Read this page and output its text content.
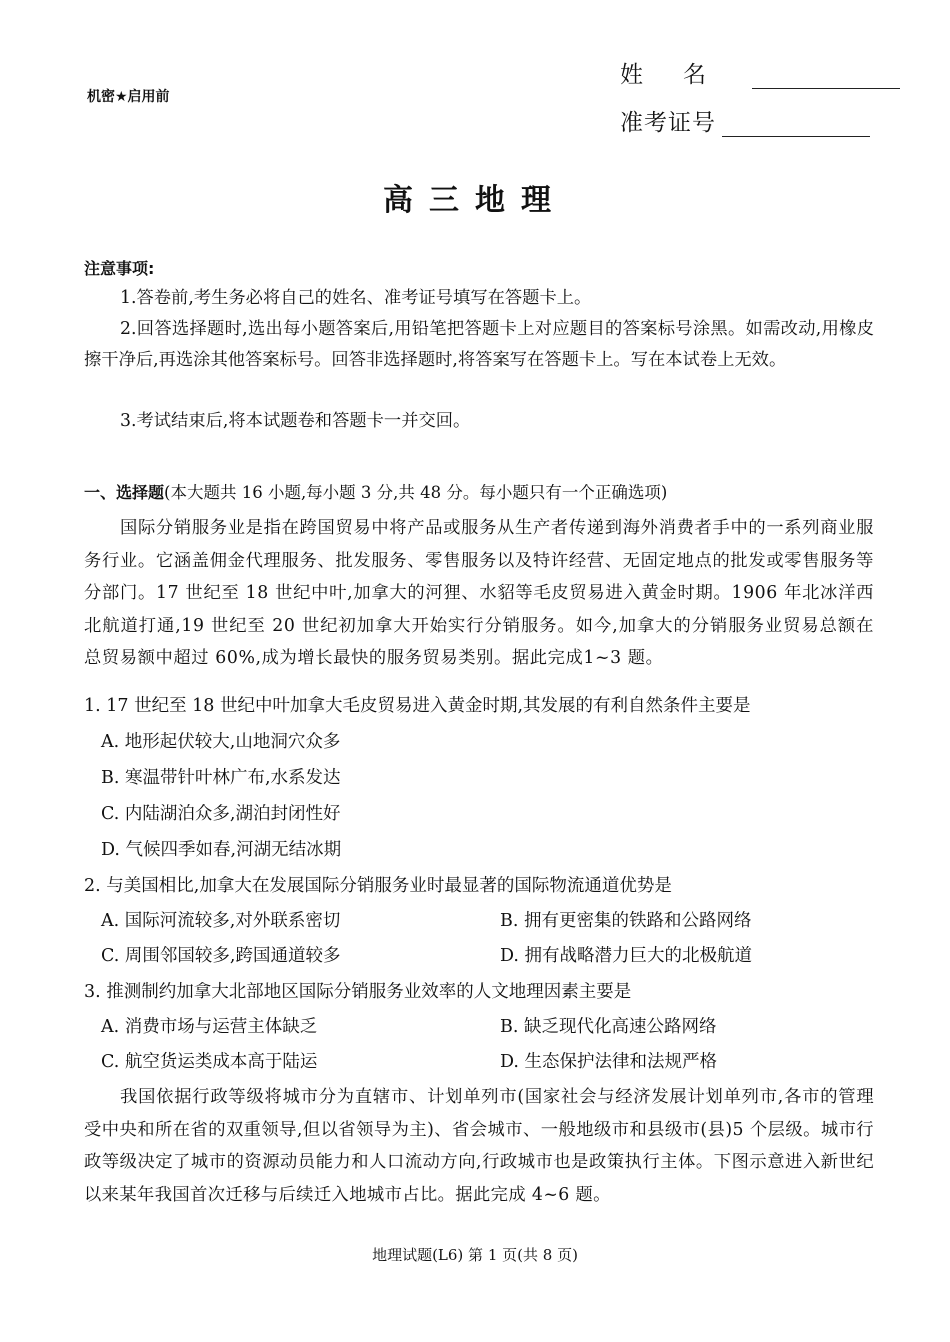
机密★启用前
姓名
准考证号
高三地理
注意事项:
1.答卷前,考生务必将自己的姓名、准考证号填写在答题卡上。
2.回答选择题时,选出每小题答案后,用铅笔把答题卡上对应题目的答案标号涂黑。如需改动,用橡皮擦干净后,再选涂其他答案标号。回答非选择题时,将答案写在答题卡上。写在本试卷上无效。
3.考试结束后,将本试题卷和答题卡一并交回。
一、选择题(本大题共 16 小题,每小题 3 分,共 48 分。每小题只有一个正确选项)
国际分销服务业是指在跨国贸易中将产品或服务从生产者传递到海外消费者手中的一系列商业服务行业。它涵盖佣金代理服务、批发服务、零售服务以及特许经营、无固定地点的批发或零售服务等分部门。17 世纪至 18 世纪中叶,加拿大的河狸、水貂等毛皮贸易进入黄金时期。1906 年北冰洋西北航道打通,19 世纪至 20 世纪初加拿大开始实行分销服务。如今,加拿大的分销服务业贸易总额在总贸易额中超过 60%,成为增长最快的服务贸易类别。据此完成1~3 题。
1. 17 世纪至 18 世纪中叶加拿大毛皮贸易进入黄金时期,其发展的有利自然条件主要是
A. 地形起伏较大,山地洞穴众多
B. 寒温带针叶林广布,水系发达
C. 内陆湖泊众多,湖泊封闭性好
D. 气候四季如春,河湖无结冰期
2. 与美国相比,加拿大在发展国际分销服务业时最显著的国际物流通道优势是
A. 国际河流较多,对外联系密切	B. 拥有更密集的铁路和公路网络
C. 周围邻国较多,跨国通道较多	D. 拥有战略潜力巨大的北极航道
3. 推测制约加拿大北部地区国际分销服务业效率的人文地理因素主要是
A. 消费市场与运营主体缺乏	B. 缺乏现代化高速公路网络
C. 航空货运类成本高于陆运	D. 生态保护法律和法规严格
我国依据行政等级将城市分为直辖市、计划单列市(国家社会与经济发展计划单列市,各市的管理受中央和所在省的双重领导,但以省领导为主)、省会城市、一般地级市和县级市(县)5 个层级。城市行政等级决定了城市的资源动员能力和人口流动方向,行政城市也是政策执行主体。下图示意进入新世纪以来某年我国首次迁移与后续迁入地城市占比。据此完成 4~6 题。
地理试题(L6) 第 1 页(共 8 页)
